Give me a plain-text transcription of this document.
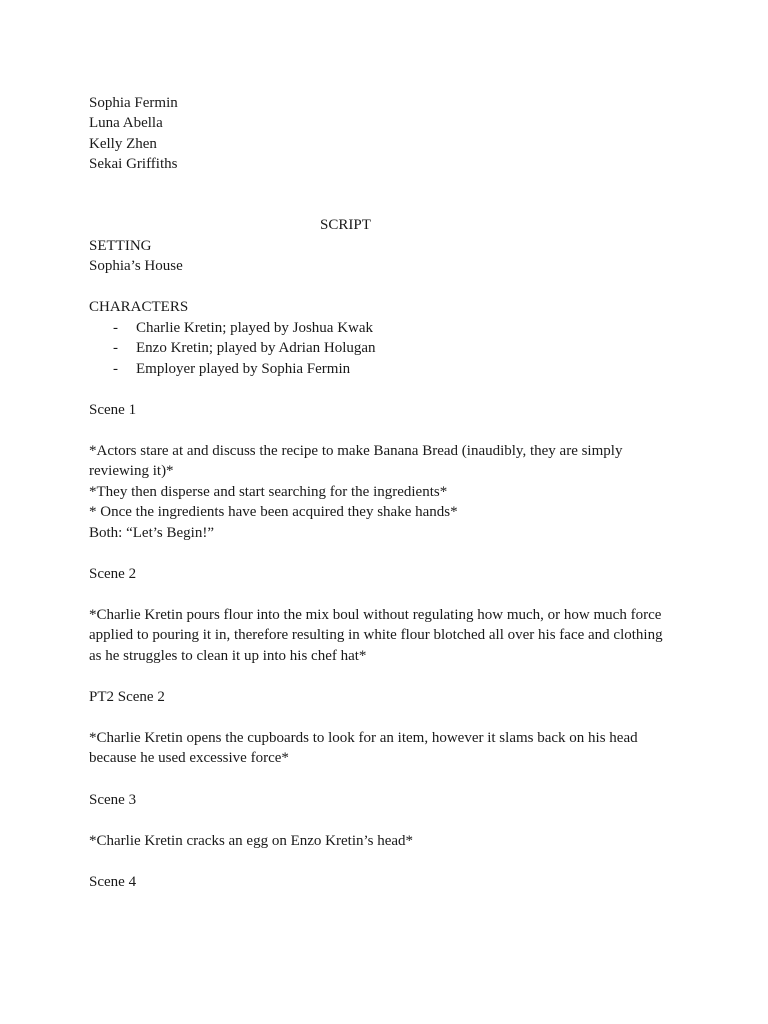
Sophia Fermin
Luna Abella
Kelly Zhen
Sekai Griffiths
SCRIPT
SETTING
Sophia’s House
CHARACTERS
- Charlie Kretin; played by Joshua Kwak
- Enzo Kretin; played by Adrian Holugan
- Employer played by Sophia Fermin
Scene 1
*Actors stare at and discuss the recipe to make Banana Bread (inaudibly, they are simply
reviewing it)*
*They then disperse and start searching for the ingredients*
* Once the ingredients have been acquired they shake hands*
Both: “Let’s Begin!”
Scene 2
*Charlie Kretin pours flour into the mix boul without regulating how much, or how much force
applied to pouring it in, therefore resulting in white flour blotched all over his face and clothing
as he struggles to clean it up into his chef hat*
PT2 Scene 2
*Charlie Kretin opens the cupboards to look for an item, however it slams back on his head
because he used excessive force*
Scene 3
*Charlie Kretin cracks an egg on Enzo Kretin’s head*
Scene 4
